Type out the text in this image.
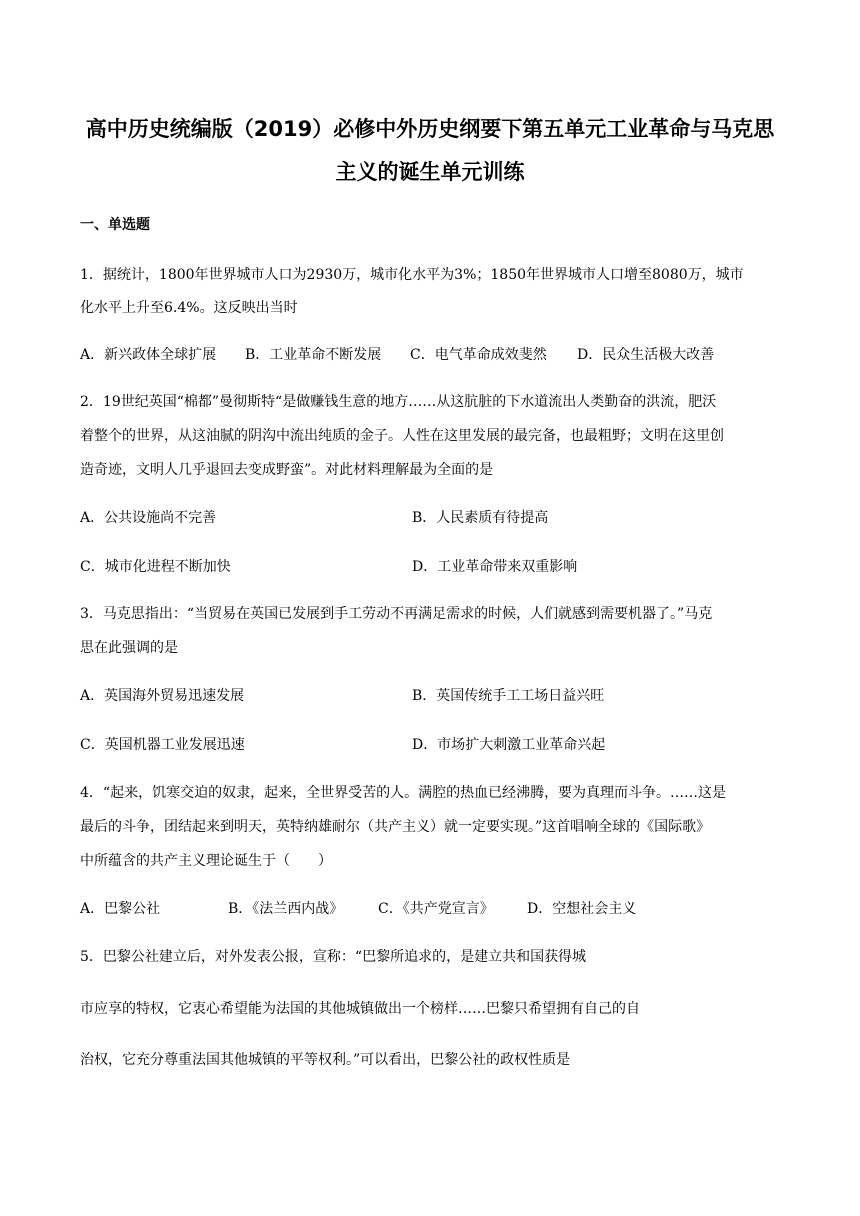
高中历史统编版（2019）必修中外历史纲要下第五单元工业革命与马克思
主义的诞生单元训练
一、单选题
1．据统计，1800年世界城市人口为2930万，城市化水平为3%；1850年世界城市人口增至8080万，城市
化水平上升至6.4%。这反映出当时
A．新兴政体全球扩展 B．工业革命不断发展 C．电气革命成效斐然 D．民众生活极大改善
2．19世纪英国“棉都”曼彻斯特“是做赚钱生意的地方……从这肮脏的下水道流出人类勤奋的洪流，肥沃
着整个的世界，从这油腻的阴沟中流出纯质的金子。人性在这里发展的最完备，也最粗野；文明在这里创
造奇迹，文明人几乎退回去变成野蛮”。对此材料理解最为全面的是
A．公共设施尚不完善	B．人民素质有待提高
C．城市化进程不断加快	D．工业革命带来双重影响
3．马克思指出：“当贸易在英国已发展到手工劳动不再满足需求的时候，人们就感到需要机器了。”马克
思在此强调的是
A．英国海外贸易迅速发展	B．英国传统手工工场日益兴旺
C．英国机器工业发展迅速	D．市场扩大刺激工业革命兴起
4．“起来，饥寒交迫的奴隶，起来，全世界受苦的人。满腔的热血已经沸腾，要为真理而斗争。……这是
最后的斗争，团结起来到明天，英特纳雄耐尔（共产主义）就一定要实现。”这首唱响全球的《国际歌》
中所蕴含的共产主义理论诞生于（　　）
A．巴黎公社	B．《法兰西内战》 C．《共产党宣言》 D．空想社会主义
5．巴黎公社建立后，对外发表公报，宣称：“巴黎所追求的，是建立共和国获得城
市应享的特权，它衷心希望能为法国的其他城镇做出一个榜样……巴黎只希望拥有自己的自
治权，它充分尊重法国其他城镇的平等权利。”可以看出，巴黎公社的政权性质是
